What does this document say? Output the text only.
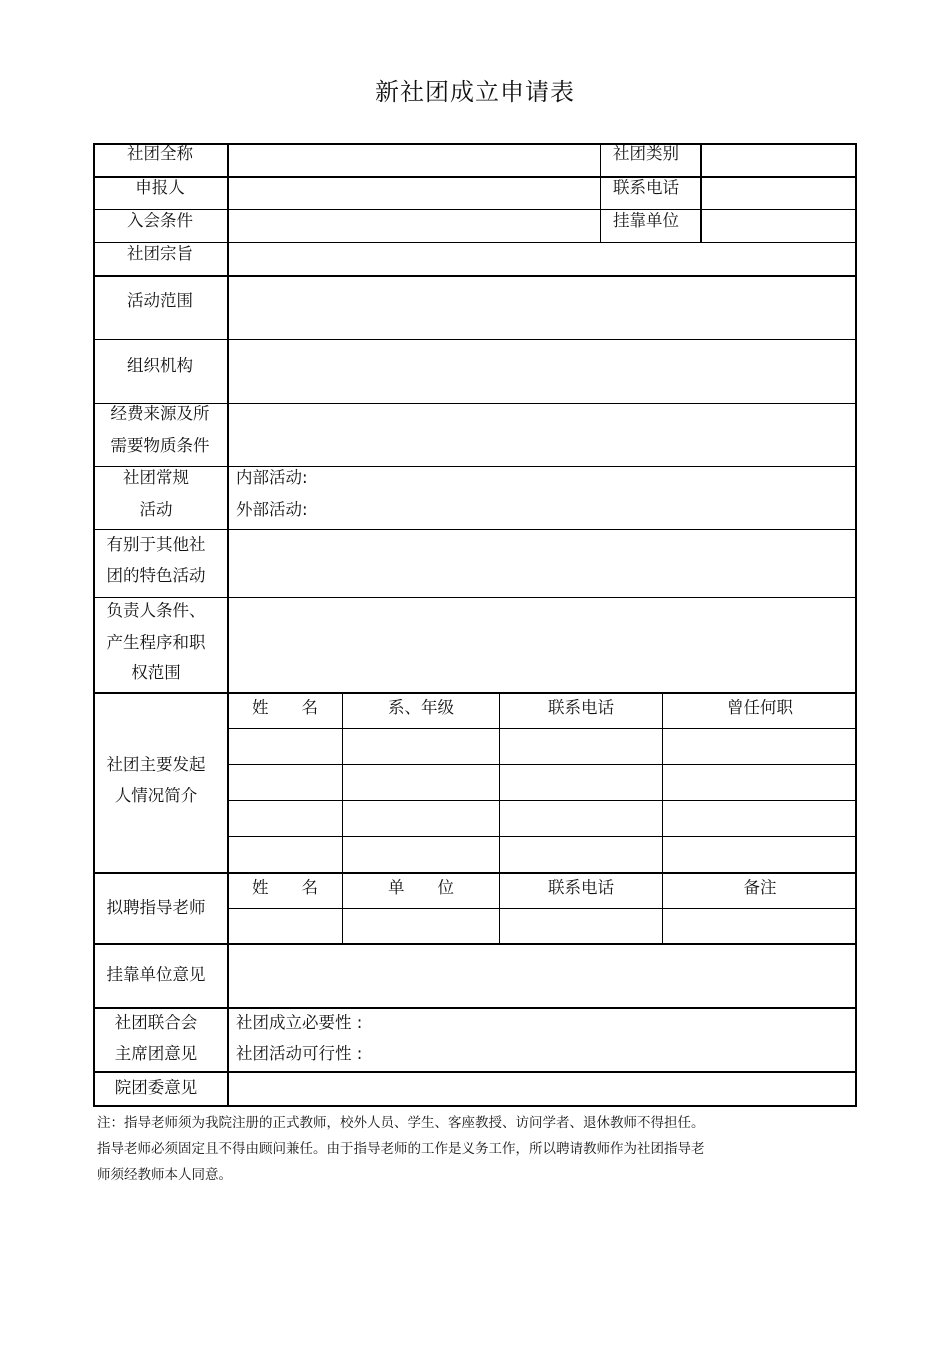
新社团成立申请表
社团全称	社团类别
申报人	联系电话
入会条件	挂靠单位
社团宗旨
活动范围
组织机构
经费来源及所
需要物质条件
社团常规
活动
内部活动:
外部活动:
有别于其他社
团的特色活动
负责人条件、
产生程序和职
权范围
社团主要发起
人情况简介
姓　　名	系、年级	联系电话	曾任何职
拟聘指导老师
姓　　名	单　　位	联系电话	备注
挂靠单位意见
社团联合会
主席团意见
社团成立必要性 :
社团活动可行性 :
院团委意见
注：指导老师须为我院注册的正式教师，校外人员、学生、客座教授、访问学者、退休教师不得担任。
指导老师必须固定且不得由顾问兼任。由于指导老师的工作是义务工作，所以聘请教师作为社团指导老
师须经教师本人同意。
